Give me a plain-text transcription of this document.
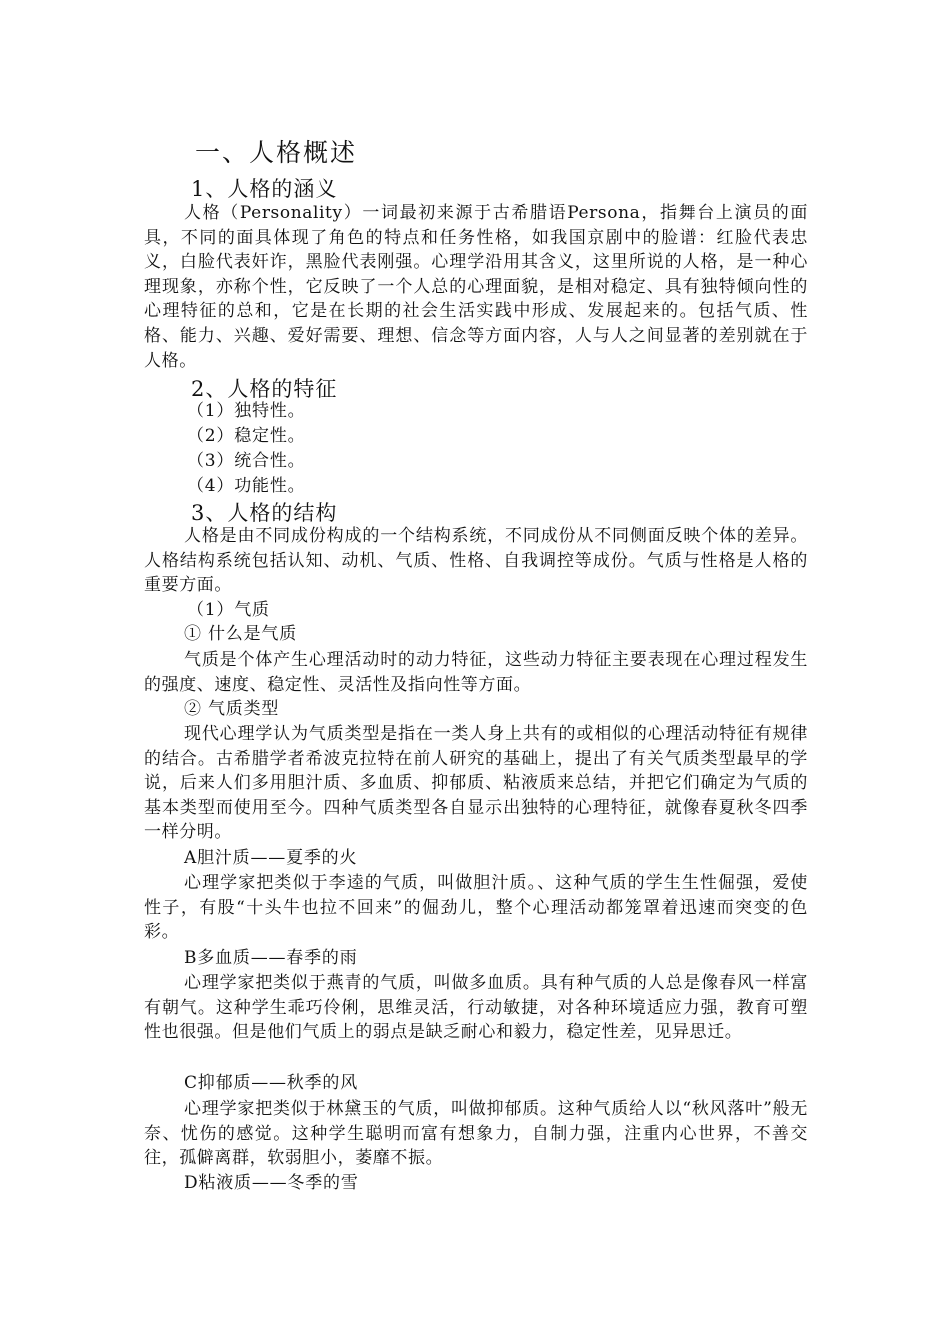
一、人格概述
1、人格的涵义

人格（Personality）一词最初来源于古希腊语Persona，指舞台上演员的面具，不同的面具体现了角色的特点和任务性格，如我国京剧中的脸谱：红脸代表忠义，白脸代表奸诈，黑脸代表刚强。心理学沿用其含义，这里所说的人格，是一种心理现象，亦称个性，它反映了一个人总的心理面貌，是相对稳定、具有独特倾向性的心理特征的总和，它是在长期的社会生活实践中形成、发展起来的。包括气质、性格、能力、兴趣、爱好需要、理想、信念等方面内容，人与人之间显著的差别就在于人格。

2、人格的特征
（1）独特性。
（2）稳定性。
（3）统合性。
（4）功能性。
3、人格的结构

人格是由不同成份构成的一个结构系统，不同成份从不同侧面反映个体的差异。人格结构系统包括认知、动机、气质、性格、自我调控等成份。气质与性格是人格的重要方面。

（1）气质
① 什么是气质

气质是个体产生心理活动时的动力特征，这些动力特征主要表现在心理过程发生的强度、速度、稳定性、灵活性及指向性等方面。

② 气质类型

现代心理学认为气质类型是指在一类人身上共有的或相似的心理活动特征有规律的结合。古希腊学者希波克拉特在前人研究的基础上，提出了有关气质类型最早的学说，后来人们多用胆汁质、多血质、抑郁质、粘液质来总结，并把它们确定为气质的基本类型而使用至今。四种气质类型各自显示出独特的心理特征，就像春夏秋冬四季一样分明。

A胆汁质——夏季的火

心理学家把类似于李逵的气质，叫做胆汁质。、这种气质的学生生性倔强，爱使性子，有股“十头牛也拉不回来”的倔劲儿，整个心理活动都笼罩着迅速而突变的色彩。

B多血质——春季的雨

心理学家把类似于燕青的气质，叫做多血质。具有种气质的人总是像春风一样富有朝气。这种学生乖巧伶俐，思维灵活，行动敏捷，对各种环境适应力强，教育可塑性也很强。但是他们气质上的弱点是缺乏耐心和毅力，稳定性差，见异思迁。

C抑郁质——秋季的风

心理学家把类似于林黛玉的气质，叫做抑郁质。这种气质给人以“秋风落叶”般无奈、忧伤的感觉。这种学生聪明而富有想象力，自制力强，注重内心世界，不善交往，孤僻离群，软弱胆小，萎靡不振。

D粘液质——冬季的雪
